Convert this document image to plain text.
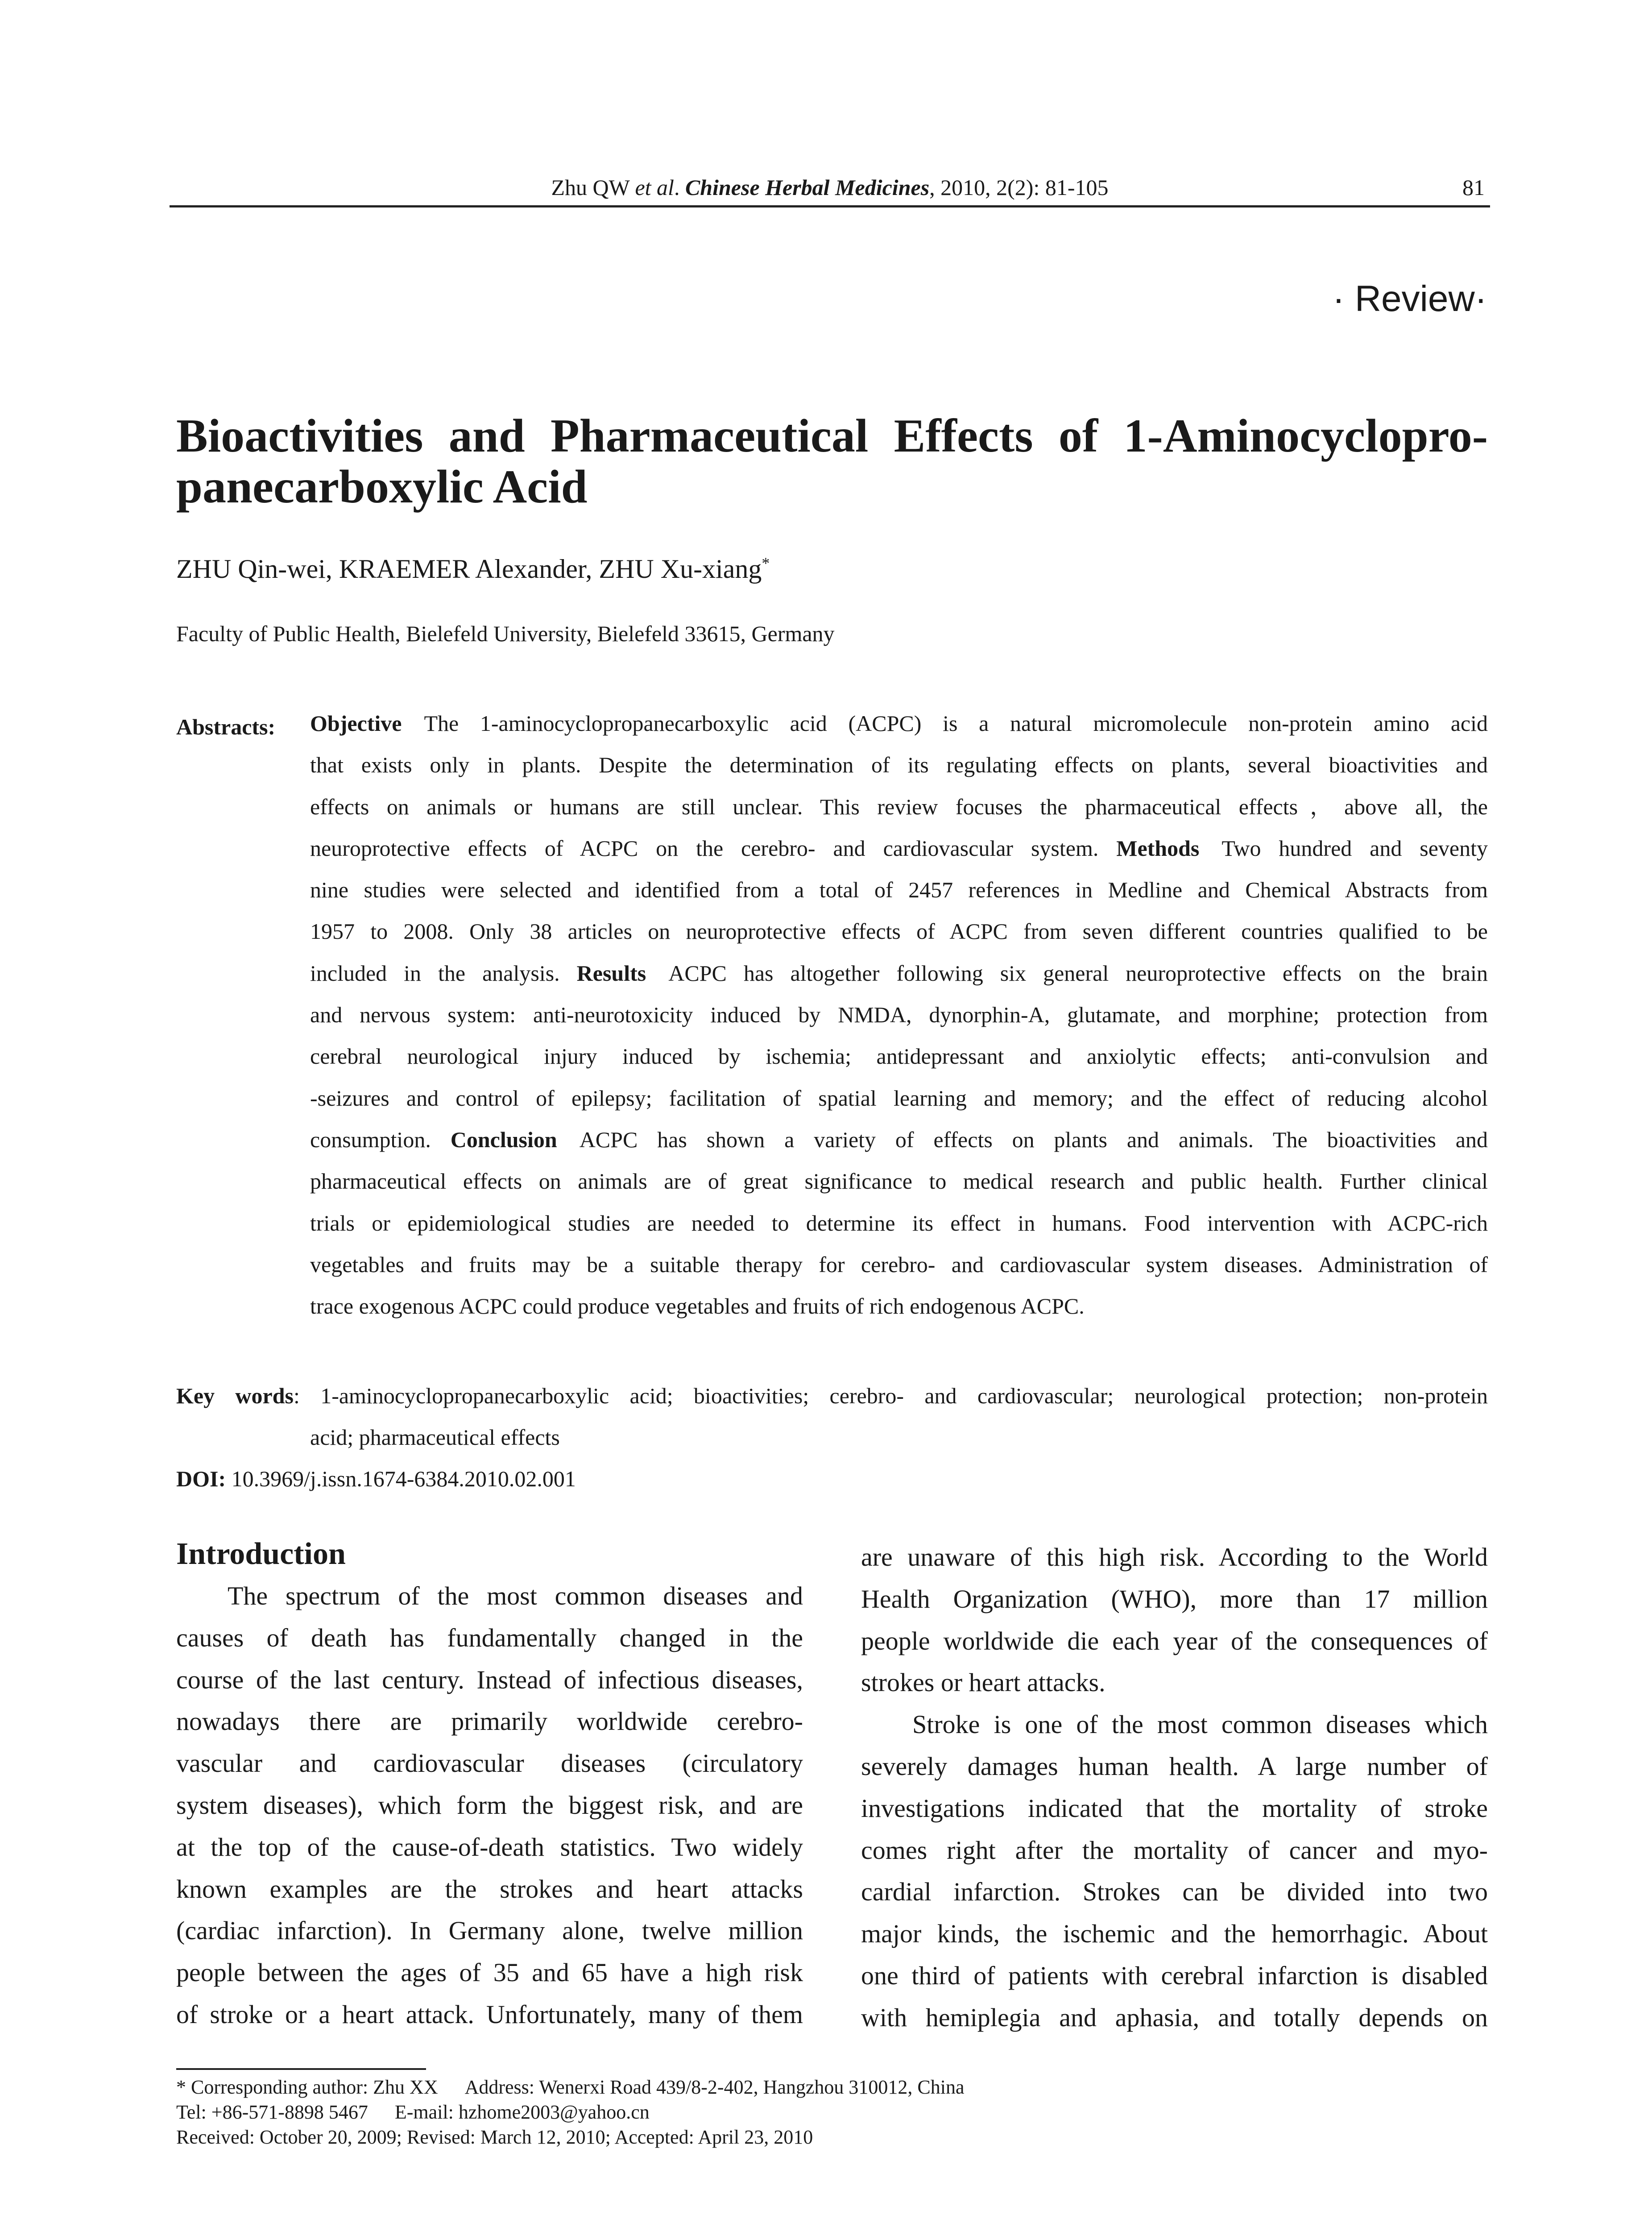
Zhu QW et al. Chinese Herbal Medicines, 2010, 2(2): 81-105	81
· Review·
Bioactivities and Pharmaceutical Effects of 1-Aminocyclopro-
panecarboxylic Acid
ZHU Qin-wei, KRAEMER Alexander, ZHU Xu-xiang*
Faculty of Public Health, Bielefeld University, Bielefeld 33615, Germany
Abstracts: Objective The 1-aminocyclopropanecarboxylic acid (ACPC) is a natural micromolecule non-protein amino acid
that exists only in plants. Despite the determination of its regulating effects on plants, several bioactivities and
effects on animals or humans are still unclear. This review focuses the pharmaceutical effects，above all, the
neuroprotective effects of ACPC on the cerebro- and cardiovascular system. Methods Two hundred and seventy
nine studies were selected and identified from a total of 2457 references in Medline and Chemical Abstracts from
1957 to 2008. Only 38 articles on neuroprotective effects of ACPC from seven different countries qualified to be
included in the analysis. Results ACPC has altogether following six general neuroprotective effects on the brain
and nervous system: anti-neurotoxicity induced by NMDA, dynorphin-A, glutamate, and morphine; protection from
cerebral neurological injury induced by ischemia; antidepressant and anxiolytic effects; anti-convulsion and
-seizures and control of epilepsy; facilitation of spatial learning and memory; and the effect of reducing alcohol
consumption. Conclusion ACPC has shown a variety of effects on plants and animals. The bioactivities and
pharmaceutical effects on animals are of great significance to medical research and public health. Further clinical
trials or epidemiological studies are needed to determine its effect in humans. Food intervention with ACPC-rich
vegetables and fruits may be a suitable therapy for cerebro- and cardiovascular system diseases. Administration of
trace exogenous ACPC could produce vegetables and fruits of rich endogenous ACPC.
Key words: 1-aminocyclopropanecarboxylic acid; bioactivities; cerebro- and cardiovascular; neurological protection; non-protein
acid; pharmaceutical effects
DOI: 10.3969/j.issn.1674-6384.2010.02.001
Introduction
The spectrum of the most common diseases and
causes of death has fundamentally changed in the
course of the last century. Instead of infectious diseases,
nowadays there are primarily worldwide cerebro-
vascular and cardiovascular diseases (circulatory
system diseases), which form the biggest risk, and are
at the top of the cause-of-death statistics. Two widely
known examples are the strokes and heart attacks
(cardiac infarction). In Germany alone, twelve million
people between the ages of 35 and 65 have a high risk
of stroke or a heart attack. Unfortunately, many of them
are unaware of this high risk. According to the World
Health Organization (WHO), more than 17 million
people worldwide die each year of the consequences of
strokes or heart attacks.
Stroke is one of the most common diseases which
severely damages human health. A large number of
investigations indicated that the mortality of stroke
comes right after the mortality of cancer and myo-
cardial infarction. Strokes can be divided into two
major kinds, the ischemic and the hemorrhagic. About
one third of patients with cerebral infarction is disabled
with hemiplegia and aphasia, and totally depends on
* Corresponding author: Zhu XX Address: Wenerxi Road 439/8-2-402, Hangzhou 310012, China
Tel: +86-571-8898 5467 E-mail: hzhome2003@yahoo.cn
Received: October 20, 2009; Revised: March 12, 2010; Accepted: April 23, 2010
